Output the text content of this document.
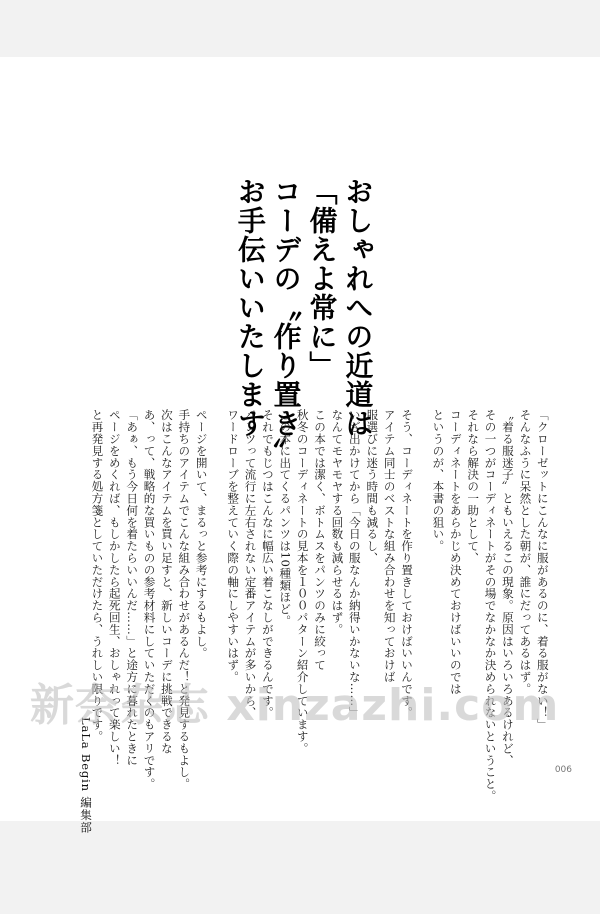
おしゃれへの近道は
「備えよ常に」
コーデの〝作り置き〟
お手伝いいたします
「クローゼットにこんなに服があるのに、着る服がない！」
そんなふうに呆然とした朝が、誰にだってあるはず。
〝着る服迷子〟ともいえるこの現象。原因はいろいろあるけれど、
その一つがコーディネートがその場でなかなか決められないということ。
それなら解決の一助として、
コーディネートをあらかじめ決めておけばいいのでは
というのが、本書の狙い。
そう、コーディネートを作り置きしておけばいいんです。
アイテム同士のベストな組み合わせを知っておけば
服選びに迷う時間も減るし、
いざ出かけてから「今日の服なんか納得いかないな……」
なんてモヤモヤする回数も減らせるはず。
この本では潔く、ボトムスをパンツのみに絞って
秋冬のコーディネートの見本を１００パターン紹介しています。
この本に出てくるパンツは10種類ほど。
それでもじつはこんなに幅広い着こなしができるんです。
パンツって流行に左右されない定番アイテムが多いから、
ワードローブを整えていく際の軸にしやすいはず。
ページを開いて、まるっと参考にするもよし。
手持ちのアイテムでこんな組み合わせがあるんだ！と発見するもよし。
次はこんなアイテムを買い足すと、新しいコーデに挑戦できるな
あ、って、戦略的な買いものの参考材料にしていただくのもアリです。
「あぁ、もう今日何を着たらいいんだ……」と途方に暮れたときに
ページをめくれば、もしかしたら起死回生、おしゃれって楽しい！
と再発見する処方箋としていただけたら、うれしい限りです。
LaLa Begin 編集部	006
新奈杂志 xinzazhi.com
